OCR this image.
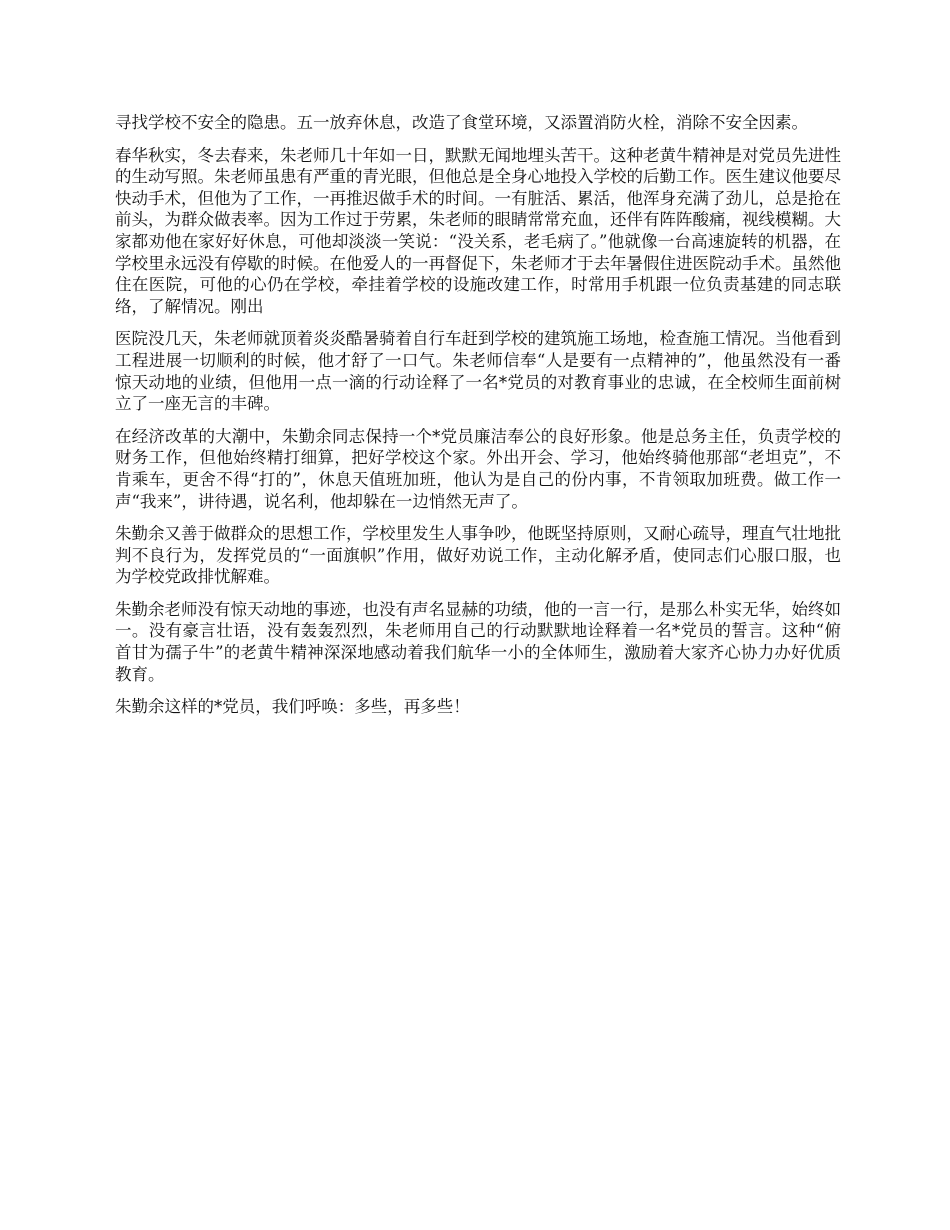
寻找学校不安全的隐患。五一放弃休息，改造了食堂环境，又添置消防火栓，消除不安全因素。

春华秋实，冬去春来，朱老师几十年如一日，默默无闻地埋头苦干。这种老黄牛精神是对党员先进性的生动写照。朱老师虽患有严重的青光眼，但他总是全身心地投入学校的后勤工作。医生建议他要尽快动手术，但他为了工作，一再推迟做手术的时间。一有脏活、累活，他浑身充满了劲儿，总是抢在前头，为群众做表率。因为工作过于劳累，朱老师的眼睛常常充血，还伴有阵阵酸痛，视线模糊。大家都劝他在家好好休息，可他却淡淡一笑说：“没关系，老毛病了。”他就像一台高速旋转的机器，在学校里永远没有停歇的时候。在他爱人的一再督促下，朱老师才于去年暑假住进医院动手术。虽然他住在医院，可他的心仍在学校，牵挂着学校的设施改建工作，时常用手机跟一位负责基建的同志联络，了解情况。刚出

医院没几天，朱老师就顶着炎炎酷暑骑着自行车赶到学校的建筑施工场地，检查施工情况。当他看到工程进展一切顺利的时候，他才舒了一口气。朱老师信奉“人是要有一点精神的”，他虽然没有一番惊天动地的业绩，但他用一点一滴的行动诠释了一名*党员的对教育事业的忠诚，在全校师生面前树立了一座无言的丰碑。

在经济改革的大潮中，朱勤余同志保持一个*党员廉洁奉公的良好形象。他是总务主任，负责学校的财务工作，但他始终精打细算，把好学校这个家。外出开会、学习，他始终骑他那部“老坦克”，不肯乘车，更舍不得“打的”，休息天值班加班，他认为是自己的份内事，不肯领取加班费。做工作一声“我来”，讲待遇，说名利，他却躲在一边悄然无声了。

朱勤余又善于做群众的思想工作，学校里发生人事争吵，他既坚持原则，又耐心疏导，理直气壮地批判不良行为，发挥党员的“一面旗帜”作用，做好劝说工作，主动化解矛盾，使同志们心服口服，也为学校党政排忧解难。

朱勤余老师没有惊天动地的事迹，也没有声名显赫的功绩，他的一言一行，是那么朴实无华，始终如一。没有豪言壮语，没有轰轰烈烈，朱老师用自己的行动默默地诠释着一名*党员的誓言。这种“俯首甘为孺子牛”的老黄牛精神深深地感动着我们航华一小的全体师生，激励着大家齐心协力办好优质教育。

朱勤余这样的*党员，我们呼唤：多些，再多些！
